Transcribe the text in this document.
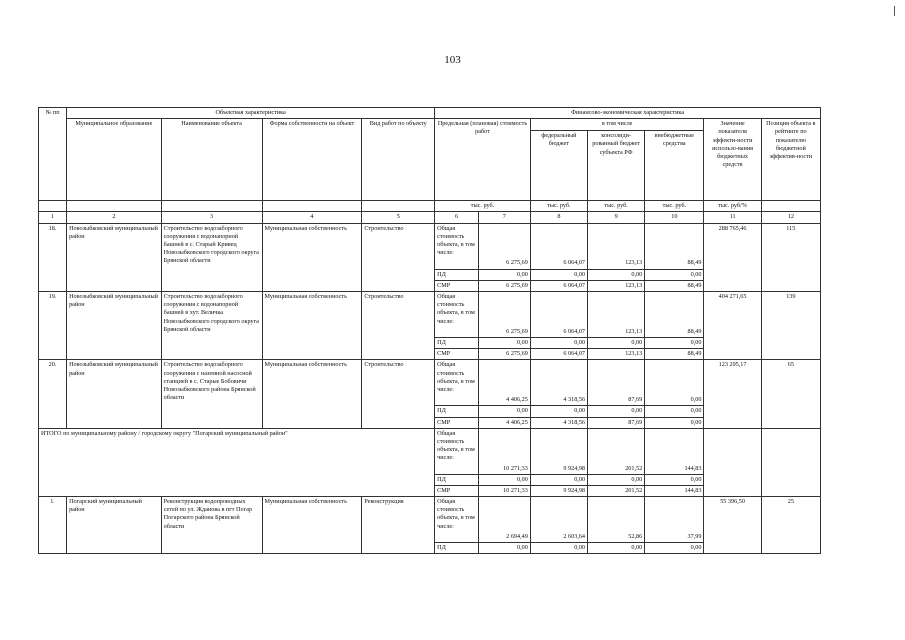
103
№ пп	Объектная характеристика				Финансово-экономическая характеристика						
	Муниципальное образование	Наименование объекта	Форма собственности на объект	Вид работ по объекту	Предельная (плановая) стоимость работ		в том числе			Значение показателя эффекти-ности использо-вания бюджетных средств	Позиция объекта в рейтинге по показателю бюджетной эффектив-ности
							федеральный бюджет	консолиди-рованный бюджет субъекта РФ	внебюджетные средства		
					тыс. руб.		тыс. руб.	тыс. руб.	тыс. руб.	тыс. руб/%	
1	2	3	4	5	6	7	8	9	10	11	12
18.	Новозыбковский муниципальный район	Строительство водозаборного сооружения с водонапорной башней в с. Старый Кривец Новозыбковского городского округа Брянской области	Муниципальная собственность	Строительство	Общая стоимость объекта, в том числе:	6 275,69	6 064,07	123,13	88,49	288 765,46	115
					ПД	0,00	0,00	0,00	0,00		
					СМР	6 275,69	6 064,07	123,13	88,49		
19.	Новозыбковский муниципальный район	Строительство водозаборного сооружения с водонапорной башней в хут. Величка Новозыбковского городского округа Брянской области	Муниципальная собственность	Строительство	Общая стоимость объекта, в том числе:	6 275,69	6 064,07	123,13	88,49	404 271,65	139
					ПД	0,00	0,00	0,00	0,00		
					СМР	6 275,69	6 064,07	123,13	88,49		
20.	Новозыбковский муниципальный район	Строительство водозаборного сооружения с наземной насосной станцией в с. Старые Бобовичи Новозыбковского района Брянской области	Муниципальная собственность	Строительство	Общая стоимость объекта, в том числе:	4 406,25	4 318,56	87,69	0,00	123 295,17	65
					ПД	0,00	0,00	0,00	0,00		
					СМР	4 406,25	4 318,56	87,69	0,00		
ИТОГО по муниципальному району / городскому округу "Погарский муниципальный район"					Общая стоимость объекта, в том числе:	10 271,33	9 924,98	201,52	144,83		
					ПД	0,00	0,00	0,00	0,00		
					СМР	10 271,33	9 924,98	201,52	144,83		
1.	Погарский муниципальный район	Реконструкция водопроводных сетей по ул. Жданова в пгт Погар Погарского района Брянской области	Муниципальная собственность	Реконструкция	Общая стоимость объекта, в том числе:	2 694,49	2 603,64	52,86	37,99	55 396,50	25
					ПД	0,00	0,00	0,00	0,00		
